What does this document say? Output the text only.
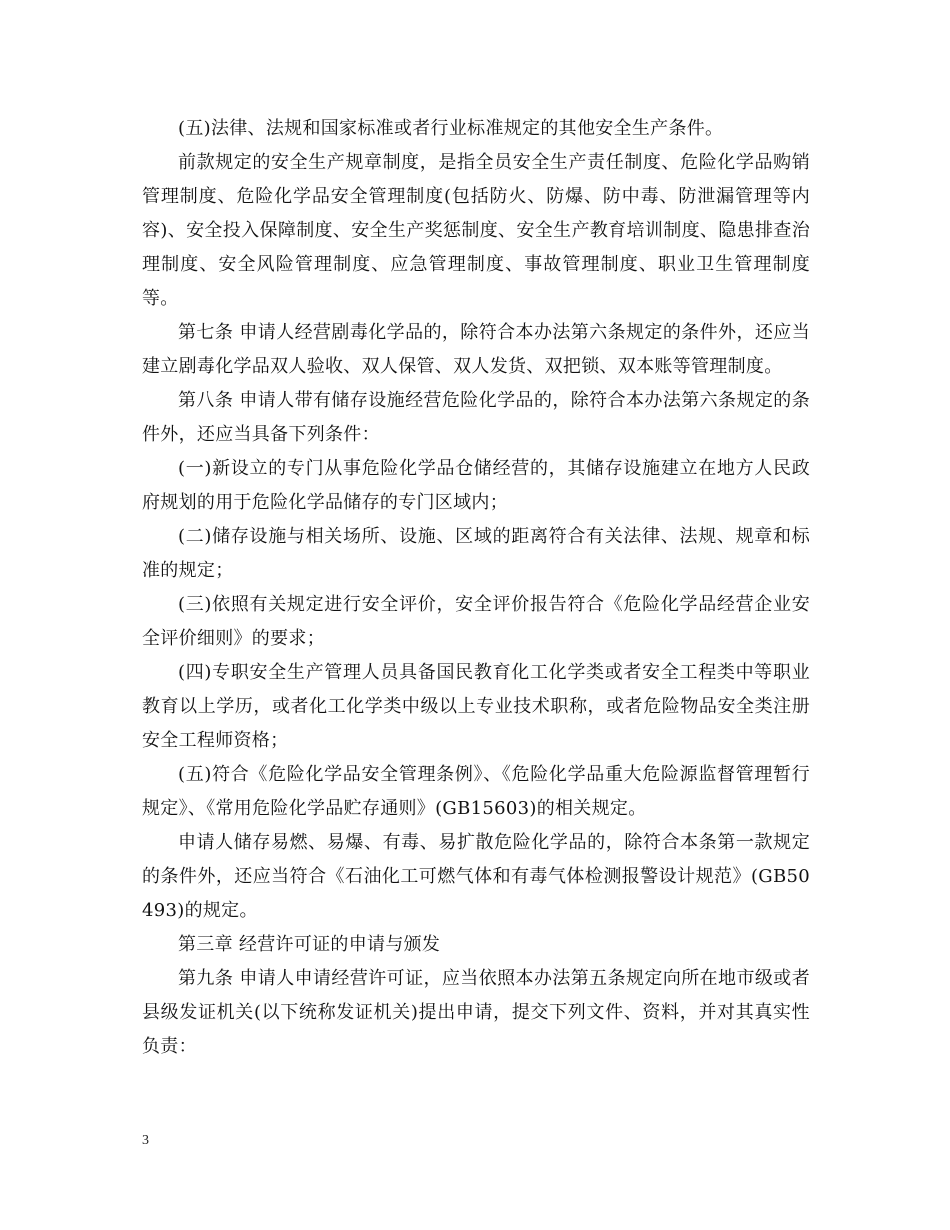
(五)法律、法规和国家标准或者行业标准规定的其他安全生产条件。

前款规定的安全生产规章制度，是指全员安全生产责任制度、危险化学品购销管理制度、危险化学品安全管理制度(包括防火、防爆、防中毒、防泄漏管理等内容)、安全投入保障制度、安全生产奖惩制度、安全生产教育培训制度、隐患排查治理制度、安全风险管理制度、应急管理制度、事故管理制度、职业卫生管理制度等。

第七条 申请人经营剧毒化学品的，除符合本办法第六条规定的条件外，还应当建立剧毒化学品双人验收、双人保管、双人发货、双把锁、双本账等管理制度。

第八条 申请人带有储存设施经营危险化学品的，除符合本办法第六条规定的条件外，还应当具备下列条件：

(一)新设立的专门从事危险化学品仓储经营的，其储存设施建立在地方人民政府规划的用于危险化学品储存的专门区域内；

(二)储存设施与相关场所、设施、区域的距离符合有关法律、法规、规章和标准的规定；

(三)依照有关规定进行安全评价，安全评价报告符合《危险化学品经营企业安全评价细则》的要求；

(四)专职安全生产管理人员具备国民教育化工化学类或者安全工程类中等职业教育以上学历，或者化工化学类中级以上专业技术职称，或者危险物品安全类注册安全工程师资格；

(五)符合《危险化学品安全管理条例》、《危险化学品重大危险源监督管理暂行规定》、《常用危险化学品贮存通则》(GB15603)的相关规定。

申请人储存易燃、易爆、有毒、易扩散危险化学品的，除符合本条第一款规定的条件外，还应当符合《石油化工可燃气体和有毒气体检测报警设计规范》(GB50493)的规定。

第三章 经营许可证的申请与颁发

第九条 申请人申请经营许可证，应当依照本办法第五条规定向所在地市级或者县级发证机关(以下统称发证机关)提出申请，提交下列文件、资料，并对其真实性负责：

3
